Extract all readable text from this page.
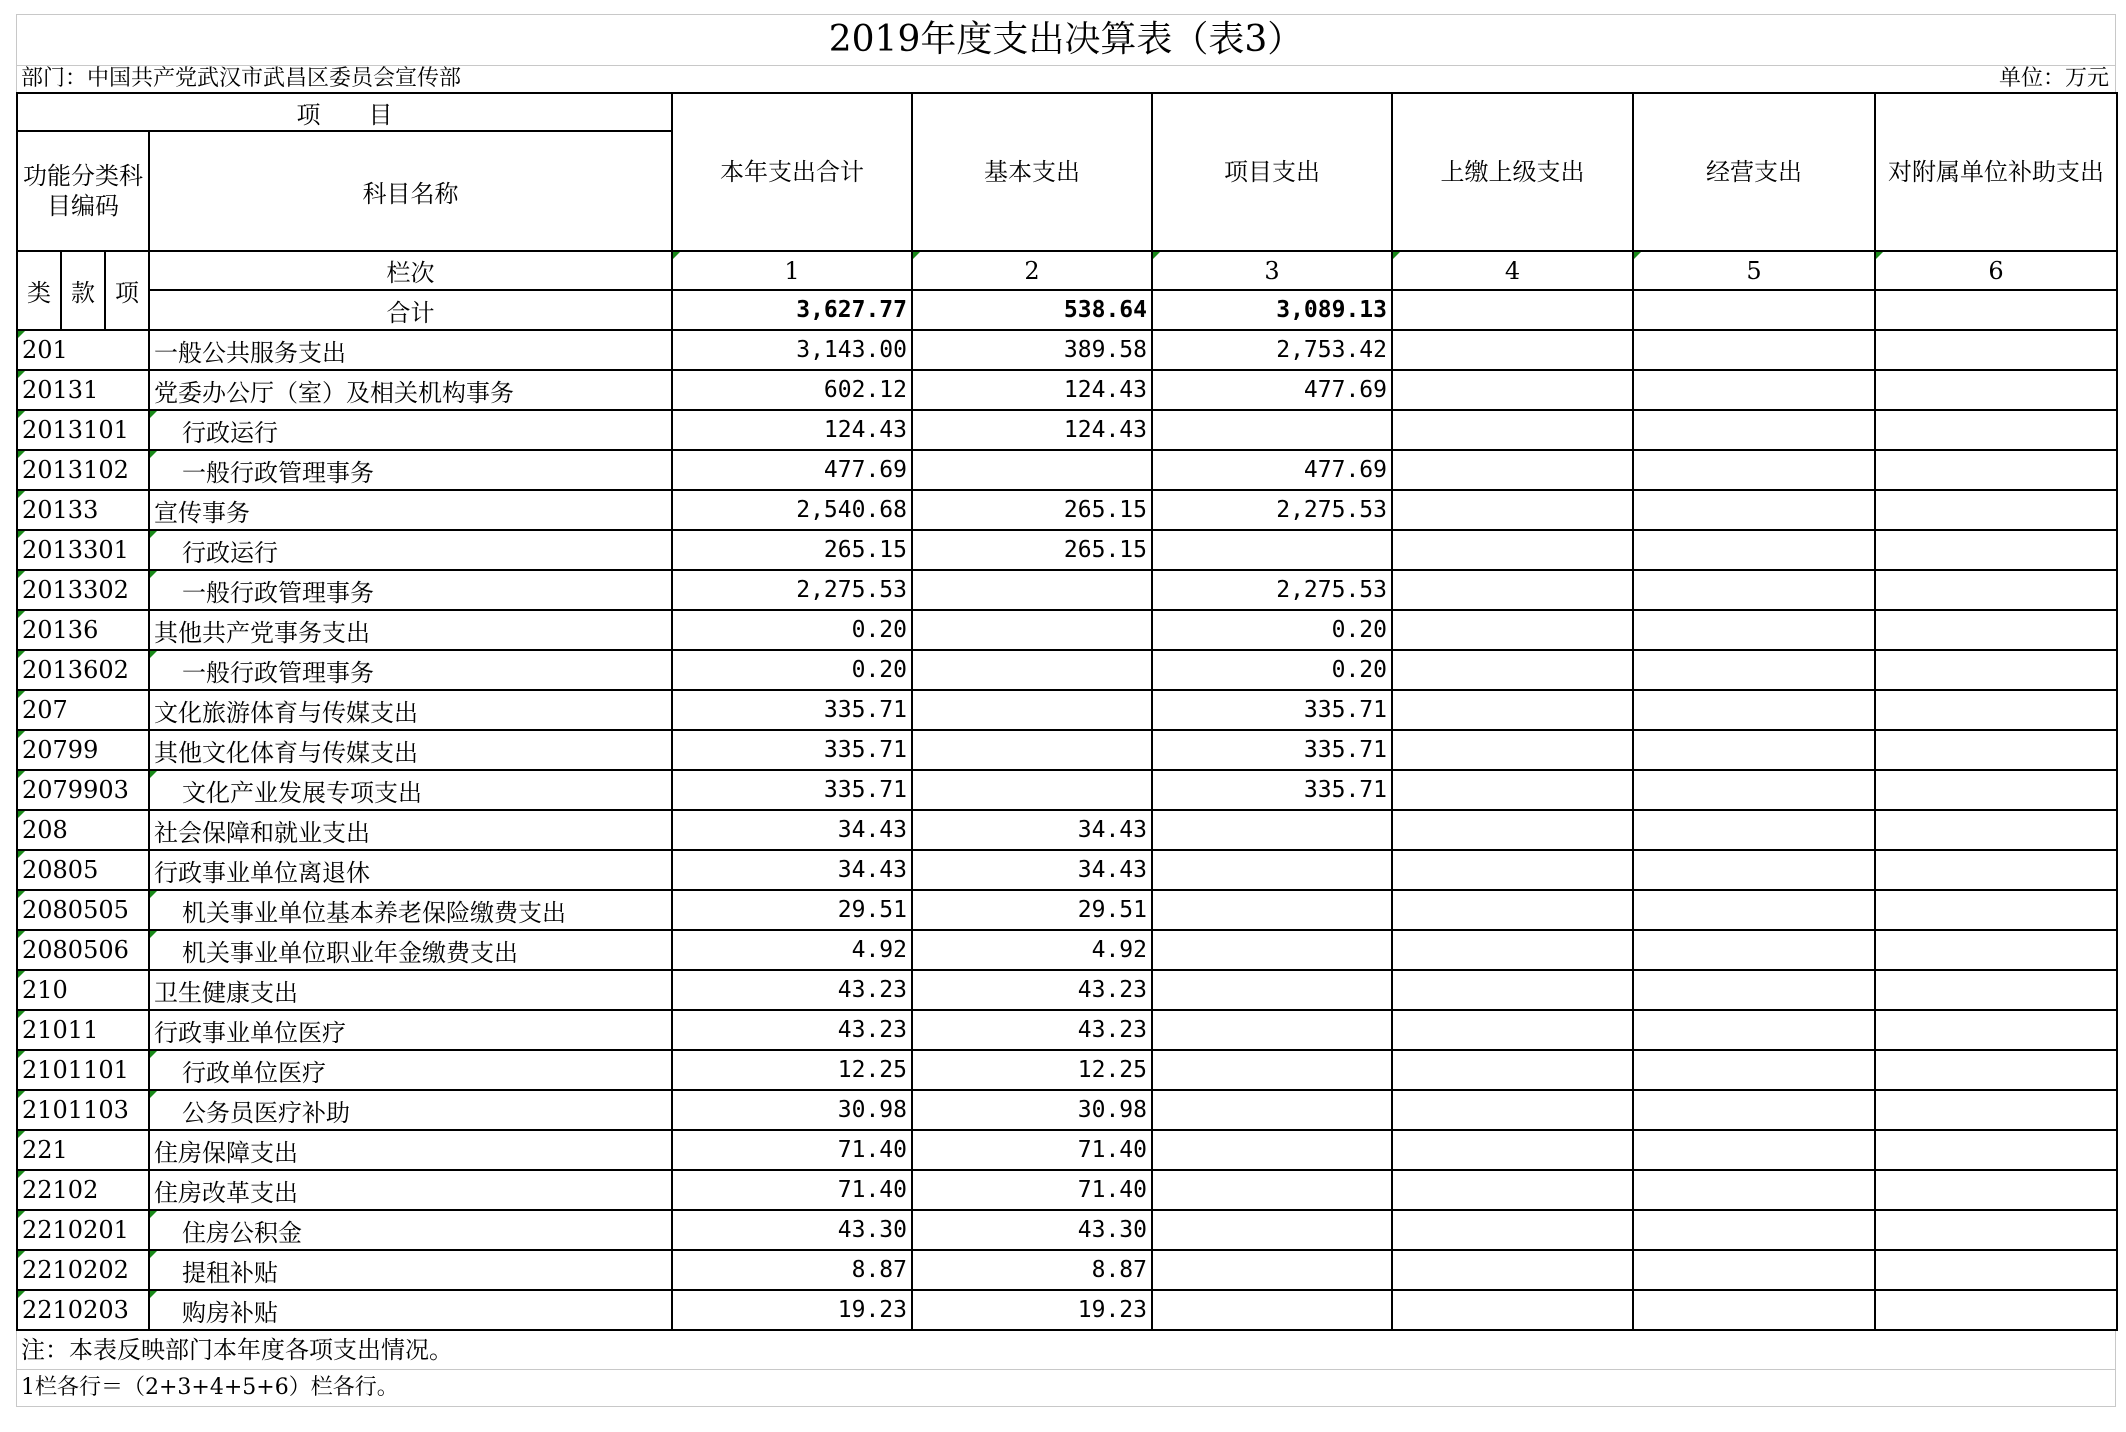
2019年度支出决算表（表3）
部门：中国共产党武汉市武昌区委员会宣传部	单位：万元
项　　目				本年支出合计	基本支出	项目支出	上缴上级支出	经营支出	对附属单位补助支出
功能分类科目编码			科目名称						
类	款	项	栏次	1	2	3	4	5	6
			合计	3,627.77	538.64	3,089.13			
201			一般公共服务支出	3,143.00	389.58	2,753.42			
20131			党委办公厅（室）及相关机构事务	602.12	124.43	477.69			
2013101			行政运行	124.43	124.43				
2013102			一般行政管理事务	477.69		477.69			
20133			宣传事务	2,540.68	265.15	2,275.53			
2013301			行政运行	265.15	265.15				
2013302			一般行政管理事务	2,275.53		2,275.53			
20136			其他共产党事务支出	0.20		0.20			
2013602			一般行政管理事务	0.20		0.20			
207			文化旅游体育与传媒支出	335.71		335.71			
20799			其他文化体育与传媒支出	335.71		335.71			
2079903			文化产业发展专项支出	335.71		335.71			
208			社会保障和就业支出	34.43	34.43				
20805			行政事业单位离退休	34.43	34.43				
2080505			机关事业单位基本养老保险缴费支出	29.51	29.51				
2080506			机关事业单位职业年金缴费支出	4.92	4.92				
210			卫生健康支出	43.23	43.23				
21011			行政事业单位医疗	43.23	43.23				
2101101			行政单位医疗	12.25	12.25				
2101103			公务员医疗补助	30.98	30.98				
221			住房保障支出	71.40	71.40				
22102			住房改革支出	71.40	71.40				
2210201			住房公积金	43.30	43.30				
2210202			提租补贴	8.87	8.87				
2210203			购房补贴	19.23	19.23				
注：本表反映部门本年度各项支出情况。
1栏各行＝（2+3+4+5+6）栏各行。
